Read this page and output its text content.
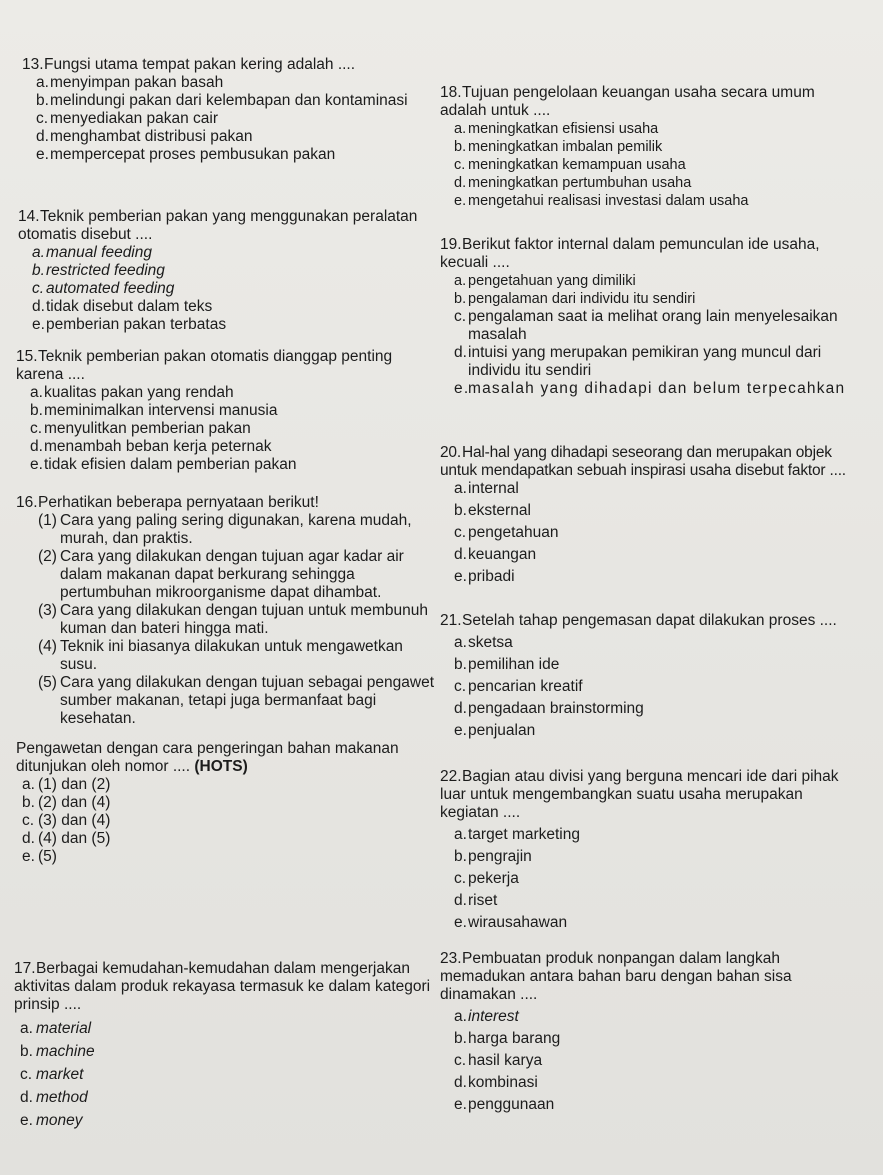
13.Fungsi utama tempat pakan kering adalah ....
a. menyimpan pakan basah
b. melindungi pakan dari kelembapan dan kontaminasi
c. menyediakan pakan cair
d. menghambat distribusi pakan
e. mempercepat proses pembusukan pakan
14.Teknik pemberian pakan yang menggunakan peralatan otomatis disebut ....
a. manual feeding
b. restricted feeding
c. automated feeding
d. tidak disebut dalam teks
e. pemberian pakan terbatas
15.Teknik pemberian pakan otomatis dianggap penting karena ....
a. kualitas pakan yang rendah
b. meminimalkan intervensi manusia
c. menyulitkan pemberian pakan
d. menambah beban kerja peternak
e. tidak efisien dalam pemberian pakan
16.Perhatikan beberapa pernyataan berikut!
(1) Cara yang paling sering digunakan, karena mudah, murah, dan praktis.
(2) Cara yang dilakukan dengan tujuan agar kadar air dalam makanan dapat berkurang sehingga pertumbuhan mikroorganisme dapat dihambat.
(3) Cara yang dilakukan dengan tujuan untuk membunuh kuman dan bateri hingga mati.
(4) Teknik ini biasanya dilakukan untuk mengawetkan susu.
(5) Cara yang dilakukan dengan tujuan sebagai pengawet sumber makanan, tetapi juga bermanfaat bagi kesehatan.
Pengawetan dengan cara pengeringan bahan makanan ditunjukan oleh nomor .... (HOTS)
a. (1) dan (2)
b. (2) dan (4)
c. (3) dan (4)
d. (4) dan (5)
e. (5)
17.Berbagai kemudahan-kemudahan dalam mengerjakan aktivitas dalam produk rekayasa termasuk ke dalam kategori prinsip ....
a. material
b. machine
c. market
d. method
e. money
18.Tujuan pengelolaan keuangan usaha secara umum adalah untuk ....
a. meningkatkan efisiensi usaha
b. meningkatkan imbalan pemilik
c. meningkatkan kemampuan usaha
d. meningkatkan pertumbuhan usaha
e. mengetahui realisasi investasi dalam usaha
19.Berikut faktor internal dalam pemunculan ide usaha, kecuali ....
a. pengetahuan yang dimiliki
b. pengalaman dari individu itu sendiri
c. pengalaman saat ia melihat orang lain menyelesaikan masalah
d. intuisi yang merupakan pemikiran yang muncul dari individu itu sendiri
e.
masalah yang dihadapi dan belum terpecahkan
20.Hal-hal yang dihadapi seseorang dan merupakan objek untuk mendapatkan sebuah inspirasi usaha disebut faktor ....
a. internal
b. eksternal
c. pengetahuan
d. keuangan
e. pribadi
21.Setelah tahap pengemasan dapat dilakukan proses ....
a. sketsa
b. pemilihan ide
c. pencarian kreatif
d. pengadaan brainstorming
e. penjualan
22.Bagian atau divisi yang berguna mencari ide dari pihak luar untuk mengembangkan suatu usaha merupakan kegiatan ....
a. target marketing
b. pengrajin
c. pekerja
d. riset
e. wirausahawan
23.Pembuatan produk nonpangan dalam langkah memadukan antara bahan baru dengan bahan sisa dinamakan ....
a. interest
b. harga barang
c. hasil karya
d. kombinasi
e. penggunaan
